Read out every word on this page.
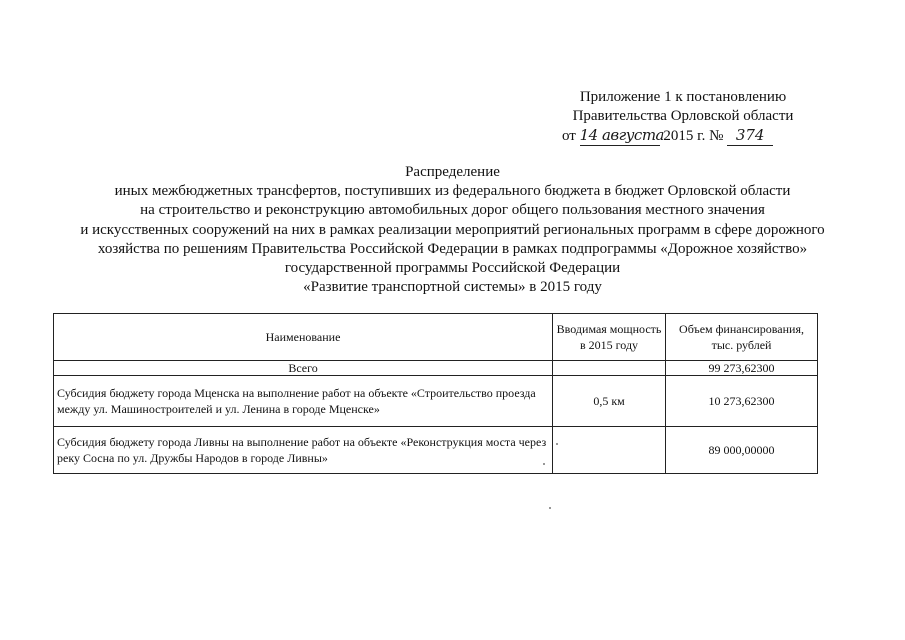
Приложение 1 к постановлению
Правительства Орловской области
от 14 августа 2015 г. № 374
Распределение
иных межбюджетных трансфертов, поступивших из федерального бюджета в бюджет Орловской области
на строительство и реконструкцию автомобильных дорог общего пользования местного значения
и искусственных сооружений на них в рамках реализации мероприятий региональных программ в сфере дорожного
хозяйства по решениям Правительства Российской Федерации в рамках подпрограммы «Дорожное хозяйство»
государственной программы Российской Федерации
«Развитие транспортной системы» в 2015 году
Наименование	Вводимая мощность в 2015 году	Объем финансирования, тыс. рублей
Всего		99 273,62300
Субсидия бюджету города Мценска на выполнение работ на объекте «Строительство проезда между ул. Машиностроителей и ул. Ленина в городе Мценске»	0,5 км	10 273,62300
Субсидия бюджету города Ливны на выполнение работ на объекте «Реконструкция моста через реку Сосна по ул. Дружбы Народов в городе Ливны»		89 000,00000
